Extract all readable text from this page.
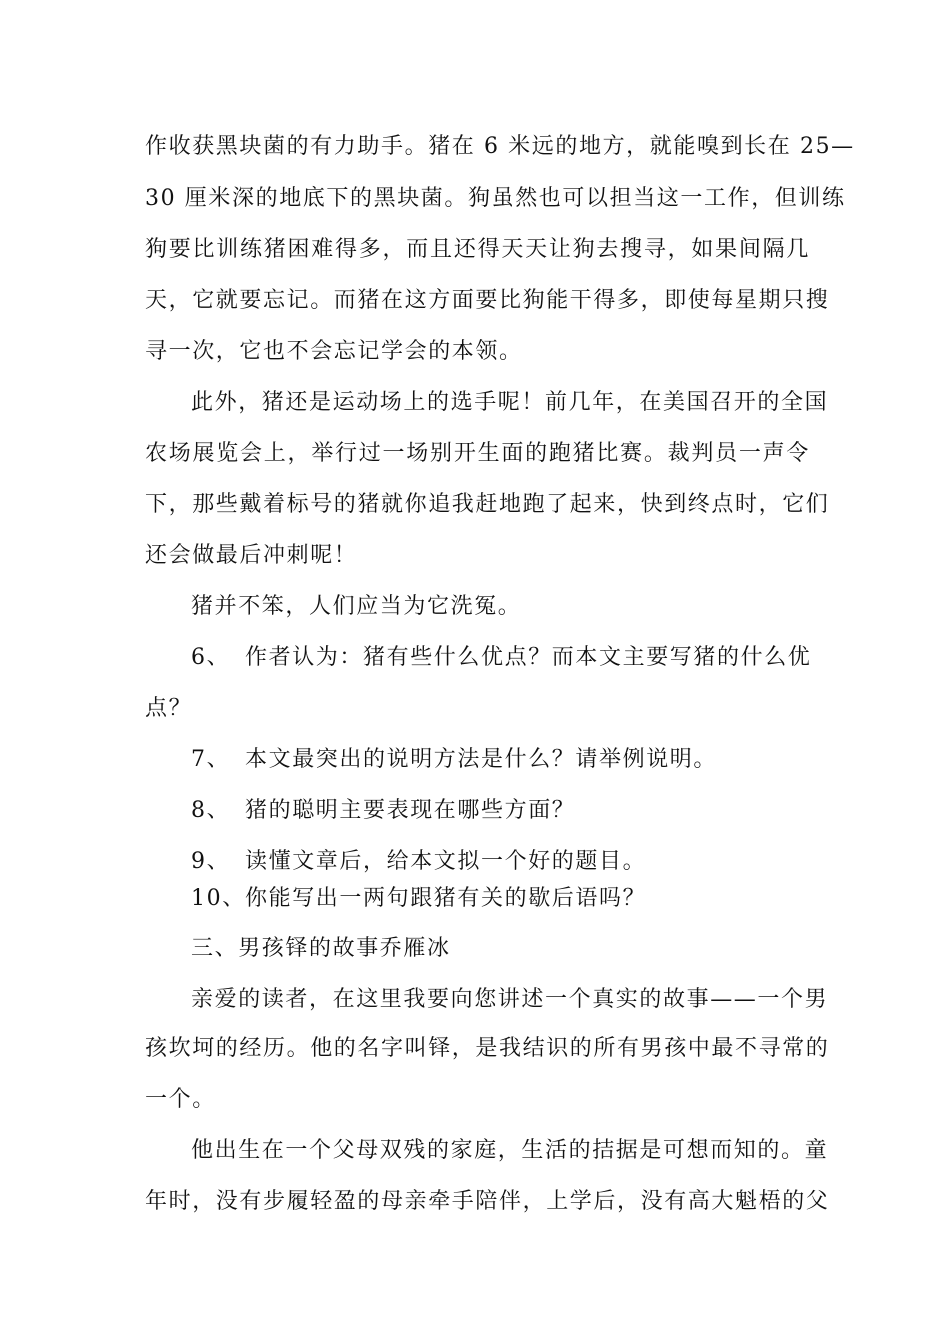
作收获黑块菌的有力助手。猪在 6 米远的地方，就能嗅到长在 25—
30 厘米深的地底下的黑块菌。狗虽然也可以担当这一工作，但训练
狗要比训练猪困难得多，而且还得天天让狗去搜寻，如果间隔几
天，它就要忘记。而猪在这方面要比狗能干得多，即使每星期只搜
寻一次，它也不会忘记学会的本领。
此外，猪还是运动场上的选手呢！前几年，在美国召开的全国
农场展览会上，举行过一场别开生面的跑猪比赛。裁判员一声令
下，那些戴着标号的猪就你追我赶地跑了起来，快到终点时，它们
还会做最后冲刺呢！
猪并不笨，人们应当为它洗冤。
6、 作者认为：猪有些什么优点？而本文主要写猪的什么优
点？
7、 本文最突出的说明方法是什么？请举例说明。
8、 猪的聪明主要表现在哪些方面？
9、 读懂文章后，给本文拟一个好的题目。
10、你能写出一两句跟猪有关的歇后语吗？
三、男孩铎的故事乔雁冰
亲爱的读者，在这里我要向您讲述一个真实的故事——一个男
孩坎坷的经历。他的名字叫铎，是我结识的所有男孩中最不寻常的
一个。
他出生在一个父母双残的家庭，生活的拮据是可想而知的。童
年时，没有步履轻盈的母亲牵手陪伴，上学后，没有高大魁梧的父
